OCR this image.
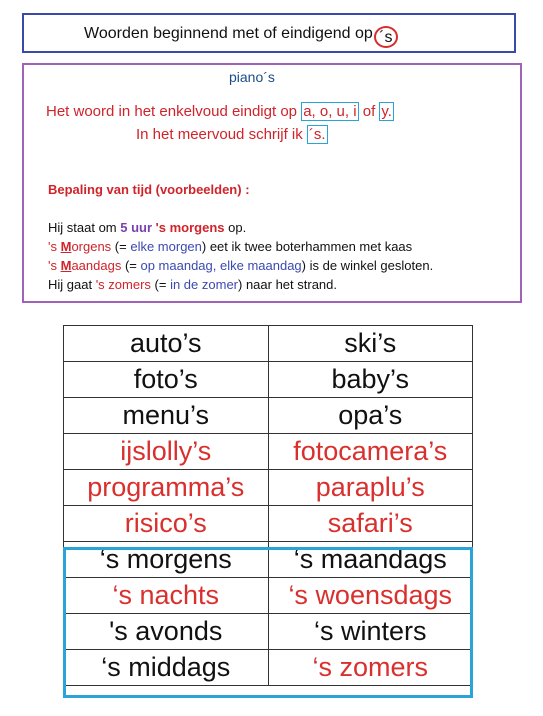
Woorden beginnend met of eindigend op ´s
piano´s
Het woord in het enkelvoud eindigt op a, o, u, i of y.
In het meervoud schrijf ik ´s.
Bepaling van tijd (voorbeelden) :
Hij staat om 5 uur 's morgens op.
's Morgens (= elke morgen) eet ik twee boterhammen met kaas
's Maandags (= op maandag, elke maandag) is de winkel gesloten.
Hij gaat 's zomers (= in de zomer) naar het strand.
auto’s	ski’s
foto’s	baby’s
menu’s	opa’s
ijslolly’s	fotocamera’s
programma’s	paraplu’s
risico’s	safari’s
‘s morgens	‘s maandags
‘s nachts	‘s woensdags
's avonds	‘s winters
‘s middags	‘s zomers
